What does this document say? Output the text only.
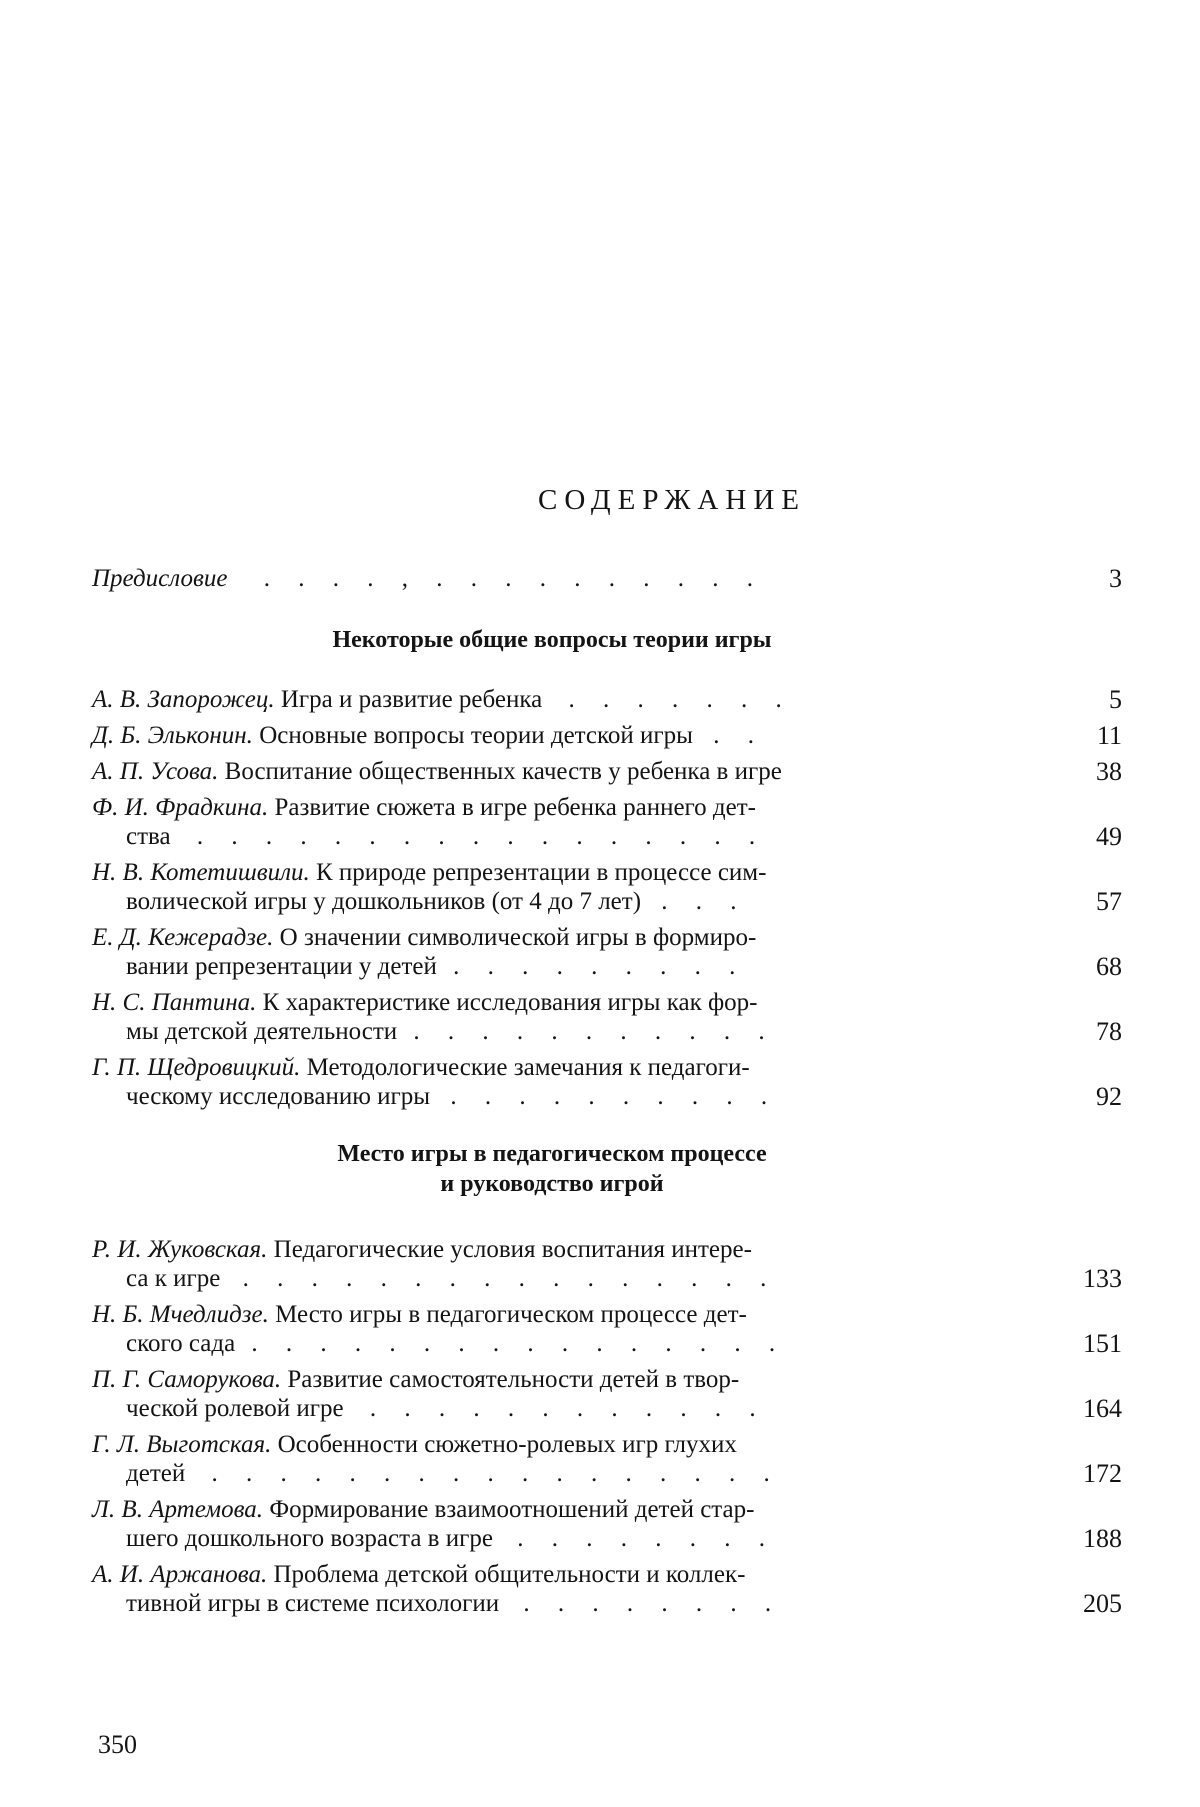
СОДЕРЖАНИЕ
Предисловие . . . . , . . . . . . . . . .	3
Некоторые общие вопросы теории игры
А. В. Запорожец. Игра и развитие ребенка . . . . . . .	5
Д. Б. Эльконин. Основные вопросы теории детской игры . .	11
А. П. Усова. Воспитание общественных качеств у ребенка в игре	38
Ф. И. Фрадкина. Развитие сюжета в игре ребенка раннего дет-
ства . . . . . . . . . . . . . . . . .	49
Н. В. Котетишвили. К природе репрезентации в процессе сим-
волической игры у дошкольников (от 4 до 7 лет) . . .	57
Е. Д. Кежерадзе. О значении символической игры в формиро-
вании репрезентации у детей . . . . . . . . .	68
Н. С. Пантина. К характеристике исследования игры как фор-
мы детской деятельности . . . . . . . . . . .	78
Г. П. Щедровицкий. Методологические замечания к педагоги-
ческому исследованию игры . . . . . . . . . .	92
Место игры в педагогическом процессе
и руководство игрой
Р. И. Жуковская. Педагогические условия воспитания интере-
са к игре . . . . . . . . . . . . . . . .	133
Н. Б. Мчедлидзе. Место игры в педагогическом процессе дет-
ского сада . . . . . . . . . . . . . . . .	151
П. Г. Саморукова. Развитие самостоятельности детей в твор-
ческой ролевой игре . . . . . . . . . . . .	164
Г. Л. Выготская. Особенности сюжетно-ролевых игр глухих
детей . . . . . . . . . . . . . . . . .	172
Л. В. Артемова. Формирование взаимоотношений детей стар-
шего дошкольного возраста в игре . . . . . . . .	188
А. И. Аржанова. Проблема детской общительности и коллек-
тивной игры в системе психологии . . . . . . . .	205
350
